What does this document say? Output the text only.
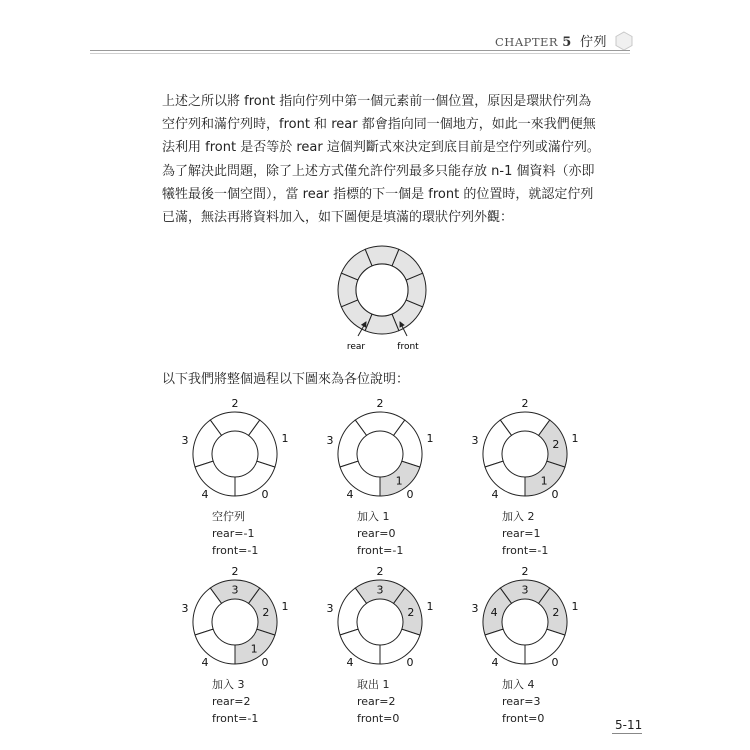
CHAPTER 5 佇列
上述之所以將 front 指向佇列中第一個元素前一個位置，原因是環狀佇列為空佇列和滿佇列時，front 和 rear 都會指向同一個地方，如此一來我們便無法利用 front 是否等於 rear 這個判斷式來決定到底目前是空佇列或滿佇列。
為了解決此問題，除了上述方式僅允許佇列最多只能存放 n-1 個資料（亦即犧牲最後一個空間），當 rear 指標的下一個是 front 的位置時，就認定佇列已滿，無法再將資料加入，如下圖便是填滿的環狀佇列外觀：
rear	front
以下我們將整個過程以下圖來為各位說明：
0
1
2
3
4
1
0
1
2
3
4
1
2
0
1
2
3
4
1
2
3
0
1
2
3
4
2
3
0
1
2
3
4
2
3
4
0
1
2
3
4
空佇列
rear=-1
front=-1
加入 1
rear=0
front=-1
加入 2
rear=1
front=-1
加入 3
rear=2
front=-1
取出 1
rear=2
front=0
加入 4
rear=3
front=0	5-11
